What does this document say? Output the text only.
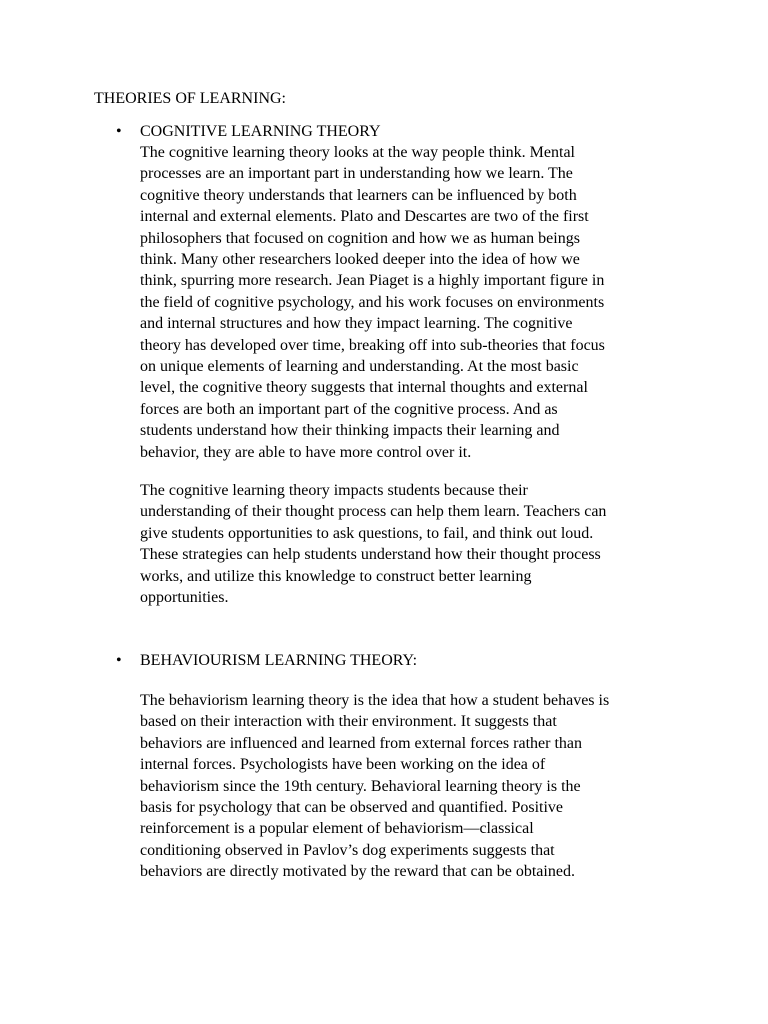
THEORIES OF LEARNING:
• COGNITIVE LEARNING THEORY

The cognitive learning theory looks at the way people think. Mental
processes are an important part in understanding how we learn. The
cognitive theory understands that learners can be influenced by both
internal and external elements. Plato and Descartes are two of the first
philosophers that focused on cognition and how we as human beings
think. Many other researchers looked deeper into the idea of how we
think, spurring more research. Jean Piaget is a highly important figure in
the field of cognitive psychology, and his work focuses on environments
and internal structures and how they impact learning. The cognitive
theory has developed over time, breaking off into sub-theories that focus
on unique elements of learning and understanding. At the most basic
level, the cognitive theory suggests that internal thoughts and external
forces are both an important part of the cognitive process. And as
students understand how their thinking impacts their learning and
behavior, they are able to have more control over it.

The cognitive learning theory impacts students because their
understanding of their thought process can help them learn. Teachers can
give students opportunities to ask questions, to fail, and think out loud.
These strategies can help students understand how their thought process
works, and utilize this knowledge to construct better learning
opportunities.

• BEHAVIOURISM LEARNING THEORY:

The behaviorism learning theory is the idea that how a student behaves is
based on their interaction with their environment. It suggests that
behaviors are influenced and learned from external forces rather than
internal forces. Psychologists have been working on the idea of
behaviorism since the 19th century. Behavioral learning theory is the
basis for psychology that can be observed and quantified. Positive
reinforcement is a popular element of behaviorism—classical
conditioning observed in Pavlov’s dog experiments suggests that
behaviors are directly motivated by the reward that can be obtained.
